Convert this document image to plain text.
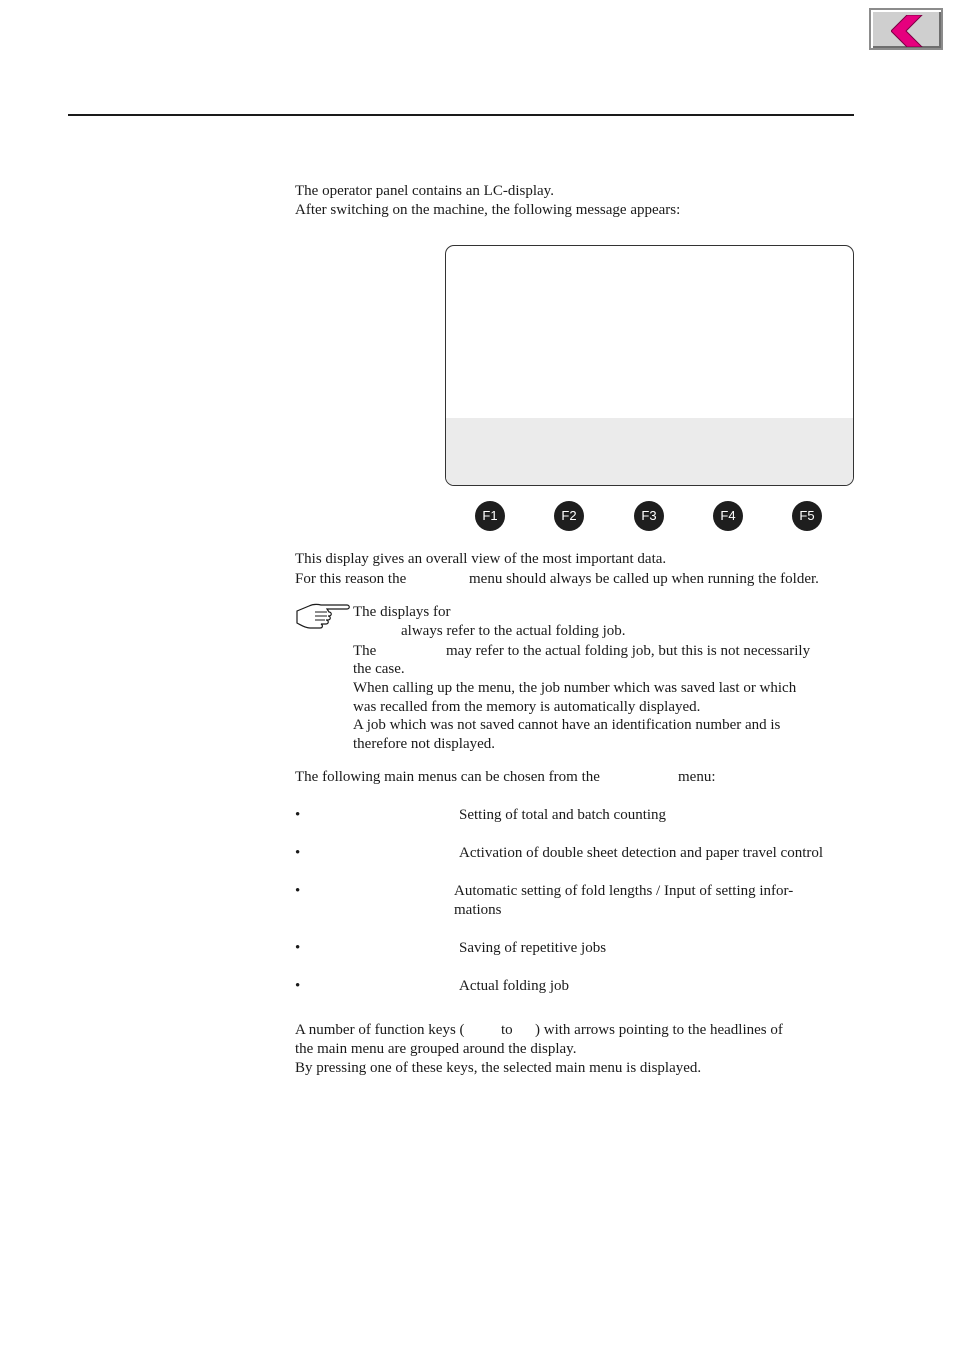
The operator panel contains an LC-display.
After switching on the machine, the following message appears:
F1	F2	F3	F4	F5
This display gives an overall view of the most important data.
For this reason the	menu should always be called up when running the folder.
The displays for
always refer to the actual folding job.
The	may refer to the actual folding job, but this is not necessarily
the case.
When calling up the menu, the job number which was saved last or which
was recalled from the memory is automatically displayed.
A job which was not saved cannot have an identification number and is
therefore not displayed.
The following main menus can be chosen from the	menu:
•	Setting of total and batch counting
•	Activation of double sheet detection and paper travel control
•	Automatic setting of fold lengths / Input of setting infor-
mations
•	Saving of repetitive jobs
•	Actual folding job
A number of function keys ( to ) with arrows pointing to the headlines of
the main menu are grouped around the display.
By pressing one of these keys, the selected main menu is displayed.
